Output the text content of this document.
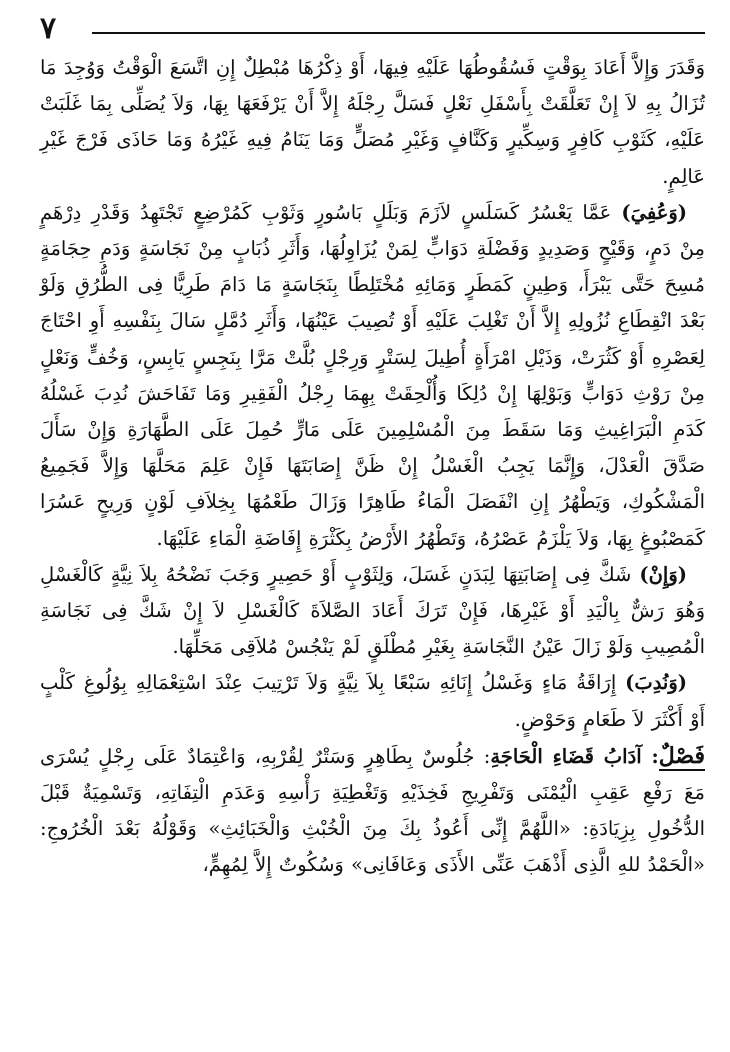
٧

وَقَدَرَ وَإِلاَّ أَعَادَ بِوَقْتٍ فَسُقُوطُهَا عَلَيْهِ فِيهَا، أَوْ ذِكْرُهَا مُبْطِلٌ إِنِ اتَّسَعَ الْوَقْتُ وَوُجِدَ مَا تُزَالُ بِهِ لاَ إِنْ تَعَلَّقَتْ بِأَسْفَلِ نَعْلٍ فَسَلَّ رِجْلَهُ إِلاَّ أَنْ يَرْفَعَهَا بِهَا، وَلاَ يُصَلِّى بِمَا غَلَبَتْ عَلَيْهِ، كَثَوْبِ كَافِرٍ وَسِكِّيرٍ وَكَنَّافٍ وَغَيْرِ مُصَلٍّ وَمَا يَنَامُ فِيهِ غَيْرُهُ وَمَا حَاذَى فَرْجَ غَيْرِ عَالِمٍ.

(وَعُفِيَ) عَمَّا يَعْسُرُ كَسَلَسٍ لاَزَمَ وَبَلَلٍ بَاسُورٍ وَثَوْبِ كَمُرْضِعٍ تَجْتَهِدُ وَقَدْرِ دِرْهَمٍ مِنْ دَمٍ، وَقَيْحٍ وَصَدِيدٍ وَفَضْلَةِ دَوَابٍّ لِمَنْ يُزَاوِلُهَا، وَأَثَرِ ذُبَابٍ مِنْ نَجَاسَةٍ وَدَمِ حِجَامَةٍ مُسِحَ حَتَّى يَبْرَأَ، وَطِينٍ كَمَطَرٍ وَمَائِهِ مُخْتَلِطًا بِنَجَاسَةٍ مَا دَامَ طَرِيًّا فِى الطُّرُقِ وَلَوْ بَعْدَ انْقِطَاعِ نُزُولِهِ إِلاَّ أَنْ تَغْلِبَ عَلَيْهِ أَوْ تُصِيبَ عَيْنُهَا، وَأَثَرِ دُمَّلٍ سَالَ بِنَفْسِهِ أَوِ احْتَاجَ لِعَصْرِهِ أَوْ كَثُرَتْ، وَذَيْلِ امْرَأَةٍ أُطِيلَ لِسَتْرٍ وَرِجْلٍ بُلَّتْ مَرَّا بِنَجِسٍ يَابِسٍ، وَخُفٍّ وَنَعْلٍ مِنْ رَوْثِ دَوَابٍّ وَبَوْلِهَا إِنْ دُلِكَا وَأُلْحِقَتْ بِهِمَا رِجْلُ الْفَقِيرِ وَمَا تَفَاحَشَ نُدِبَ غَسْلُهُ كَدَمِ الْبَرَاغِيثِ وَمَا سَقَطَ مِنَ الْمُسْلِمِينَ عَلَى مَارٍّ حُمِلَ عَلَى الطَّهَارَةِ وَإِنْ سَأَلَ صَدَّقَ الْعَدْلَ، وَإِنَّمَا يَجِبُ الْغَسْلُ إِنْ ظَنَّ إِصَابَتَهَا فَإِنْ عَلِمَ مَحَلَّهَا وَإِلاَّ فَجَمِيعُ الْمَشْكُوكِ، وَيَطْهُرُ إِنِ انْفَصَلَ الْمَاءُ طَاهِرًا وَزَالَ طَعْمُهَا بِخِلاَفِ لَوْنٍ وَرِيحٍ عَسُرَا كَمَصْبُوغٍ بِهَا، وَلاَ يَلْزَمُ عَصْرُهُ، وَتَطْهُرُ الأَرْضُ بِكَثْرَةِ إِفَاضَةِ الْمَاءِ عَلَيْهَا.

(وَإِنْ) شَكَّ فِى إِصَابَتِهَا لِبَدَنٍ غَسَلَ، وَلِثَوْبٍ أَوْ حَصِيرٍ وَجَبَ نَضْحُهُ بِلاَ نِيَّةٍ كَالْغَسْلِ وَهُوَ رَشٌّ بِالْيَدِ أَوْ غَيْرِهَا، فَإِنْ تَرَكَ أَعَادَ الصَّلاَةَ كَالْغَسْلِ لاَ إِنْ شَكَّ فِى نَجَاسَةِ الْمُصِيبِ وَلَوْ زَالَ عَيْنُ النَّجَاسَةِ بِغَيْرِ مُطْلَقٍ لَمْ يَنْجُسْ مُلاَقِى مَحَلِّهَا.

(وَنُدِبَ) إِرَاقَةُ مَاءٍ وَغَسْلُ إِنَائِهِ سَبْعًا بِلاَ نِيَّةٍ وَلاَ تَرْتِيبَ عِنْدَ اسْتِعْمَالِهِ بِوُلُوغِ كَلْبٍ أَوْ أَكْثَرَ لاَ طَعَامٍ وَحَوْضٍ.

فَصْلٌ: آدَابُ قَضَاءِ الْحَاجَةِ: جُلُوسٌ بِطَاهِرٍ وَسَتْرٌ لِقُرْبِهِ، وَاعْتِمَادٌ عَلَى رِجْلٍ يُسْرَى مَعَ رَفْعِ عَقِبِ الْيُمْنَى وَتَفْرِيجِ فَخِذَيْهِ وَتَغْطِيَةِ رَأْسِهِ وَعَدَمِ الْتِفَاتِهِ، وَتَسْمِيَةٌ قَبْلَ الدُّخُولِ بِزِيَادَةِ: «اللَّهُمَّ إِنِّى أَعُوذُ بِكَ مِنَ الْخُبْثِ وَالْخَبَائِثِ» وَقَوْلُهُ بَعْدَ الْخُرُوجِ: «الْحَمْدُ للهِ الَّذِى أَذْهَبَ عَنِّى الأَذَى وَعَافَانِى» وَسُكُوتٌ إِلاَّ لِمُهِمٍّ،
